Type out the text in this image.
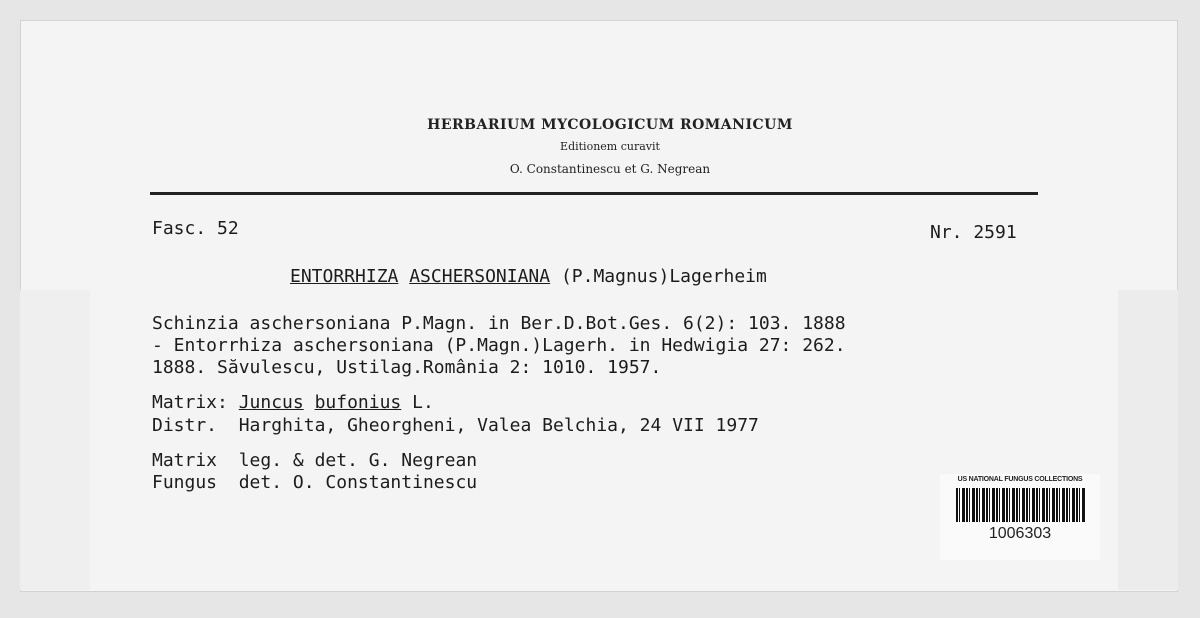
HERBARIUM MYCOLOGICUM ROMANICUM
Editionem curavit
O. Constantinescu et G. Negrean
Fasc. 52	Nr. 2591
ENTORRHIZA ASCHERSONIANA (P.Magnus)Lagerheim
Schinzia aschersoniana P.Magn. in Ber.D.Bot.Ges. 6(2): 103. 1888
- Entorrhiza aschersoniana (P.Magn.)Lagerh. in Hedwigia 27: 262.
1888. Săvulescu, Ustilag.România 2: 1010. 1957.
Matrix: Juncus bufonius L.
Distr. Harghita, Gheorgheni, Valea Belchia, 24 VII 1977
Matrix leg. & det. G. Negrean
Fungus det. O. Constantinescu	US NATIONAL FUNGUS COLLECTIONS
1006303
